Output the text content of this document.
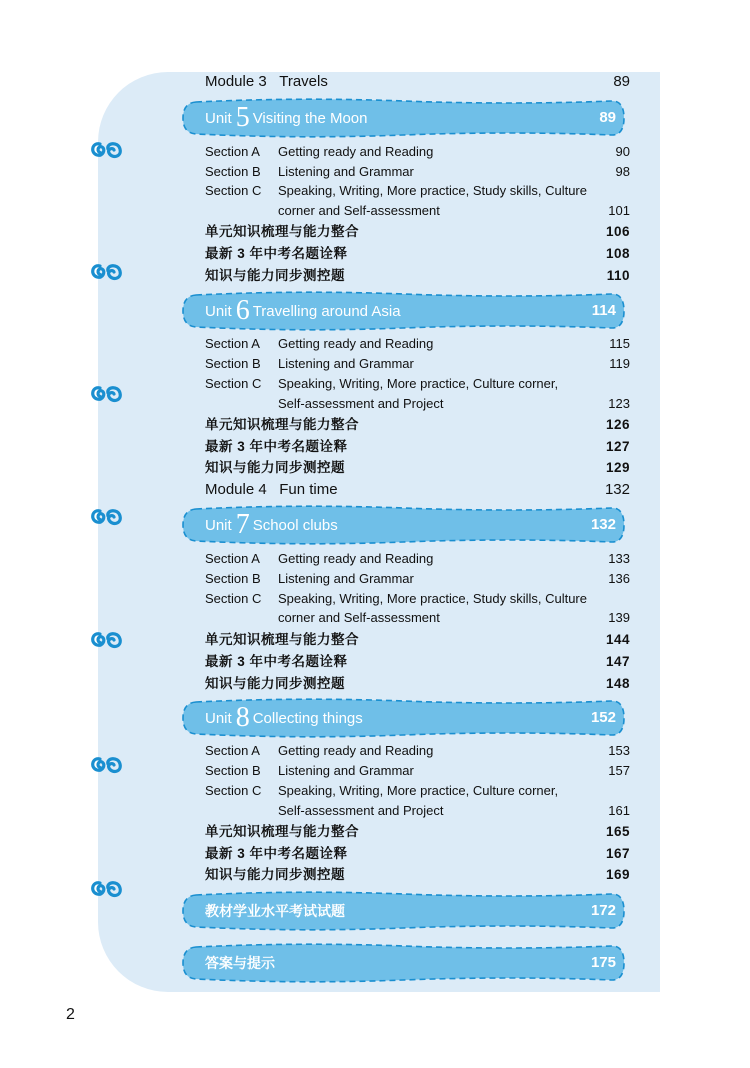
Module 3 Travels	89
Unit 5 Visiting the Moon	89
Section A Getting ready and Reading	90
Section B Listening and Grammar	98
Section C Speaking, Writing, More practice, Study skills, Culture
corner and Self-assessment	101
单元知识梳理与能力整合	106
最新 3 年中考名题诠释	108
知识与能力同步测控题	110
Unit 6 Travelling around Asia	114
Section A Getting ready and Reading	115
Section B Listening and Grammar	119
Section C Speaking, Writing, More practice, Culture corner,
Self-assessment and Project	123
单元知识梳理与能力整合	126
最新 3 年中考名题诠释	127
知识与能力同步测控题	129
Module 4 Fun time	132
Unit 7 School clubs	132
Section A Getting ready and Reading	133
Section B Listening and Grammar	136
Section C Speaking, Writing, More practice, Study skills, Culture
corner and Self-assessment	139
单元知识梳理与能力整合	144
最新 3 年中考名题诠释	147
知识与能力同步测控题	148
Unit 8 Collecting things	152
Section A Getting ready and Reading	153
Section B Listening and Grammar	157
Section C Speaking, Writing, More practice, Culture corner,
Self-assessment and Project	161
单元知识梳理与能力整合	165
最新 3 年中考名题诠释	167
知识与能力同步测控题	169
教材学业水平考试试题	172
答案与提示	175
2
